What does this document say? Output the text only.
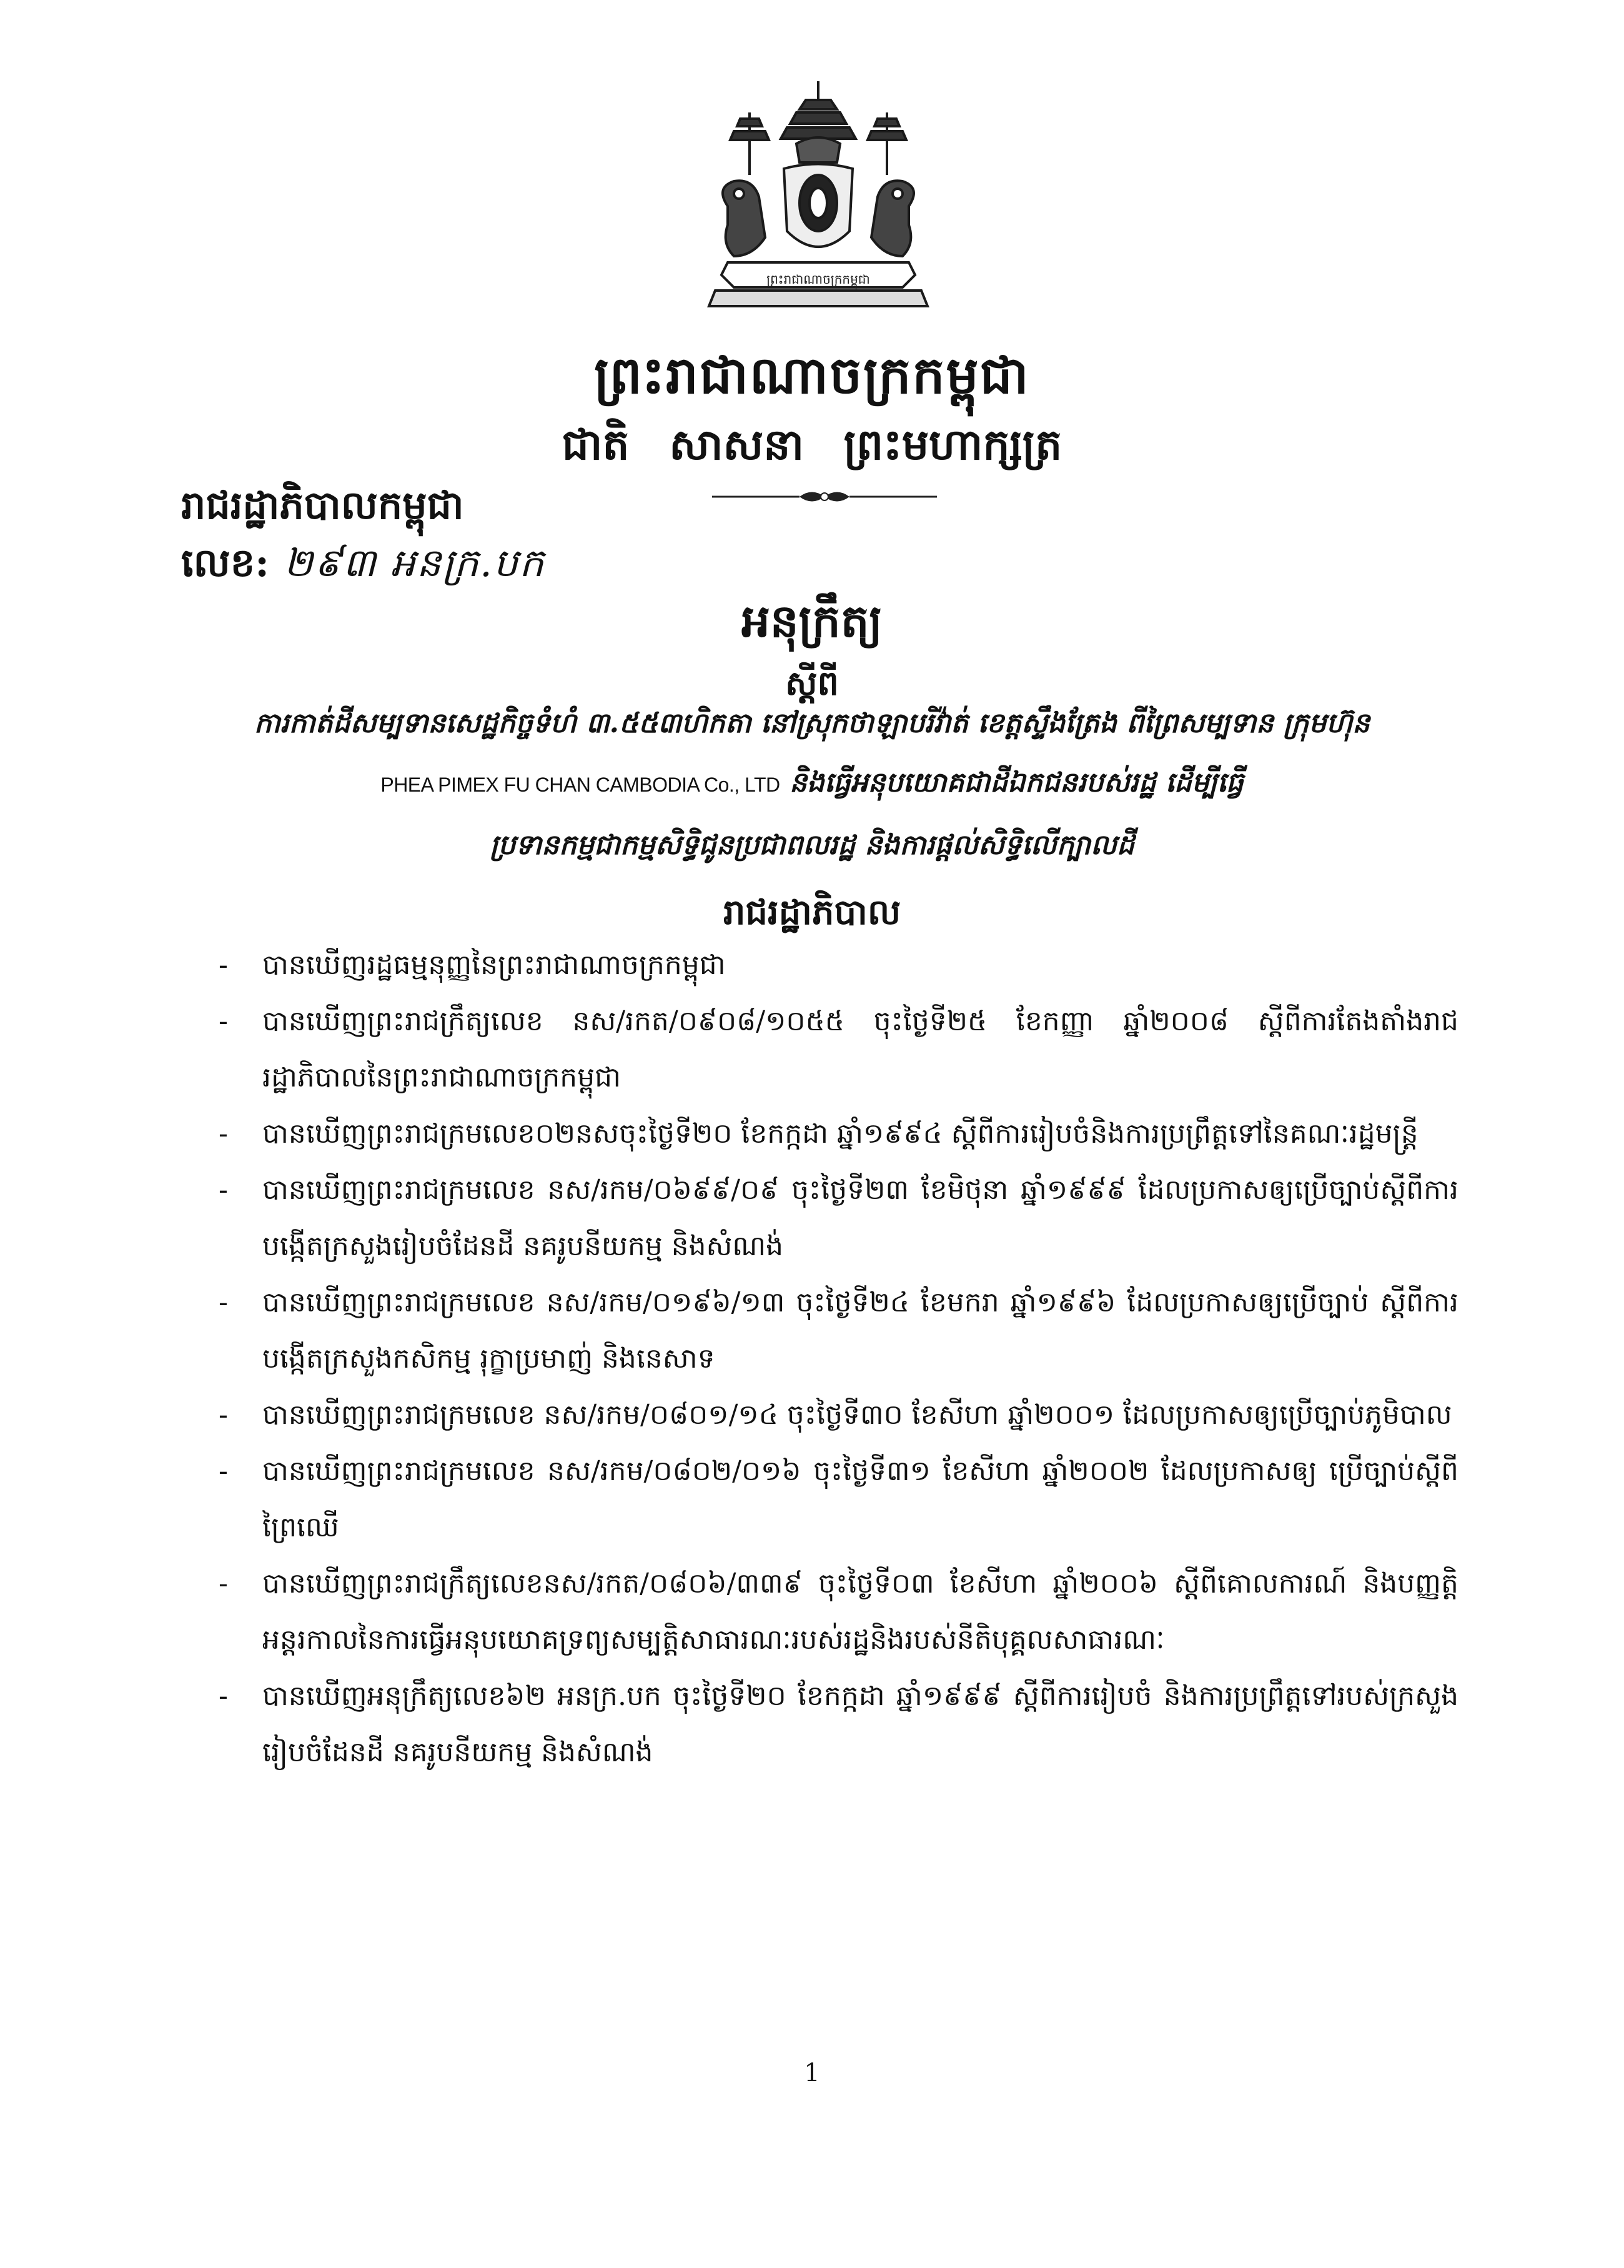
ព្រះរាជាណាចក្រកម្ពុជា
ព្រះរាជាណាចក្រកម្ពុជា
ជាតិ សាសនា ព្រះមហាក្សត្រ
រាជរដ្ឋាភិបាលកម្ពុជា
លេខ: ២៩៣ អនក្រ.បក
អនុក្រឹត្យ
ស្តីពី
ការកាត់ដីសម្បទានសេដ្ឋកិច្ចទំហំ ៣.៥៥៣ហិកតា នៅស្រុកថាឡាបរិវ៉ាត់ ខេត្តស្ទឹងត្រែង ពីព្រៃសម្បទាន ក្រុមហ៊ុន
PHEA PIMEX FU CHAN CAMBODIA Co., LTD និងធ្វើអនុបយោគជាដីឯកជនរបស់រដ្ឋ ដើម្បីធ្វើ
ប្រទានកម្មជាកម្មសិទ្ធិជូនប្រជាពលរដ្ឋ និងការផ្តល់សិទ្ធិលើក្បាលដី
រាជរដ្ឋាភិបាល
-	បានឃើញរដ្ឋធម្មនុញ្ញនៃព្រះរាជាណាចក្រកម្ពុជា
-	បានឃើញព្រះរាជក្រឹត្យលេខ នស/រកត/០៩០៨/១០៥៥ ចុះថ្ងៃទី២៥ ខែកញ្ញា ឆ្នាំ២០០៨ ស្តីពីការតែងតាំងរាជរដ្ឋាភិបាលនៃព្រះរាជាណាចក្រកម្ពុជា
-	បានឃើញព្រះរាជក្រមលេខ០២នសចុះថ្ងៃទី២០ ខែកក្កដា ឆ្នាំ១៩៩៤ ស្តីពីការរៀបចំនិងការប្រព្រឹត្តទៅនៃគណៈរដ្ឋមន្ត្រី
-	បានឃើញព្រះរាជក្រមលេខ នស/រកម/០៦៩៩/០៩ ចុះថ្ងៃទី២៣ ខែមិថុនា ឆ្នាំ១៩៩៩ ដែលប្រកាសឲ្យប្រើច្បាប់ស្តីពីការបង្កើតក្រសួងរៀបចំដែនដី នគរូបនីយកម្ម និងសំណង់
-	បានឃើញព្រះរាជក្រមលេខ នស/រកម/០១៩៦/១៣ ចុះថ្ងៃទី២៤ ខែមករា ឆ្នាំ១៩៩៦ ដែលប្រកាសឲ្យប្រើច្បាប់ ស្តីពីការបង្កើតក្រសួងកសិកម្ម រុក្ខាប្រមាញ់ និងនេសាទ
-	បានឃើញព្រះរាជក្រមលេខ នស/រកម/០៨០១/១៤ ចុះថ្ងៃទី៣០ ខែសីហា ឆ្នាំ២០០១ ដែលប្រកាសឲ្យប្រើច្បាប់ភូមិបាល
-	បានឃើញព្រះរាជក្រមលេខ នស/រកម/០៨០២/០១៦ ចុះថ្ងៃទី៣១ ខែសីហា ឆ្នាំ២០០២ ដែលប្រកាសឲ្យ ប្រើច្បាប់ស្តីពីព្រៃឈើ
-	បានឃើញព្រះរាជក្រឹត្យលេខនស/រកត/០៨០៦/៣៣៩ ចុះថ្ងៃទី០៣ ខែសីហា ឆ្នាំ២០០៦ ស្តីពីគោលការណ៍ និងបញ្ញត្តិអន្តរកាលនៃការធ្វើអនុបយោគទ្រព្យសម្បត្តិសាធារណៈរបស់រដ្ឋនិងរបស់នីតិបុគ្គលសាធារណៈ
-	បានឃើញអនុក្រឹត្យលេខ៦២ អនក្រ.បក ចុះថ្ងៃទី២០ ខែកក្កដា ឆ្នាំ១៩៩៩ ស្តីពីការរៀបចំ និងការប្រព្រឹត្តទៅរបស់ក្រសួងរៀបចំដែនដី នគរូបនីយកម្ម និងសំណង់
1
